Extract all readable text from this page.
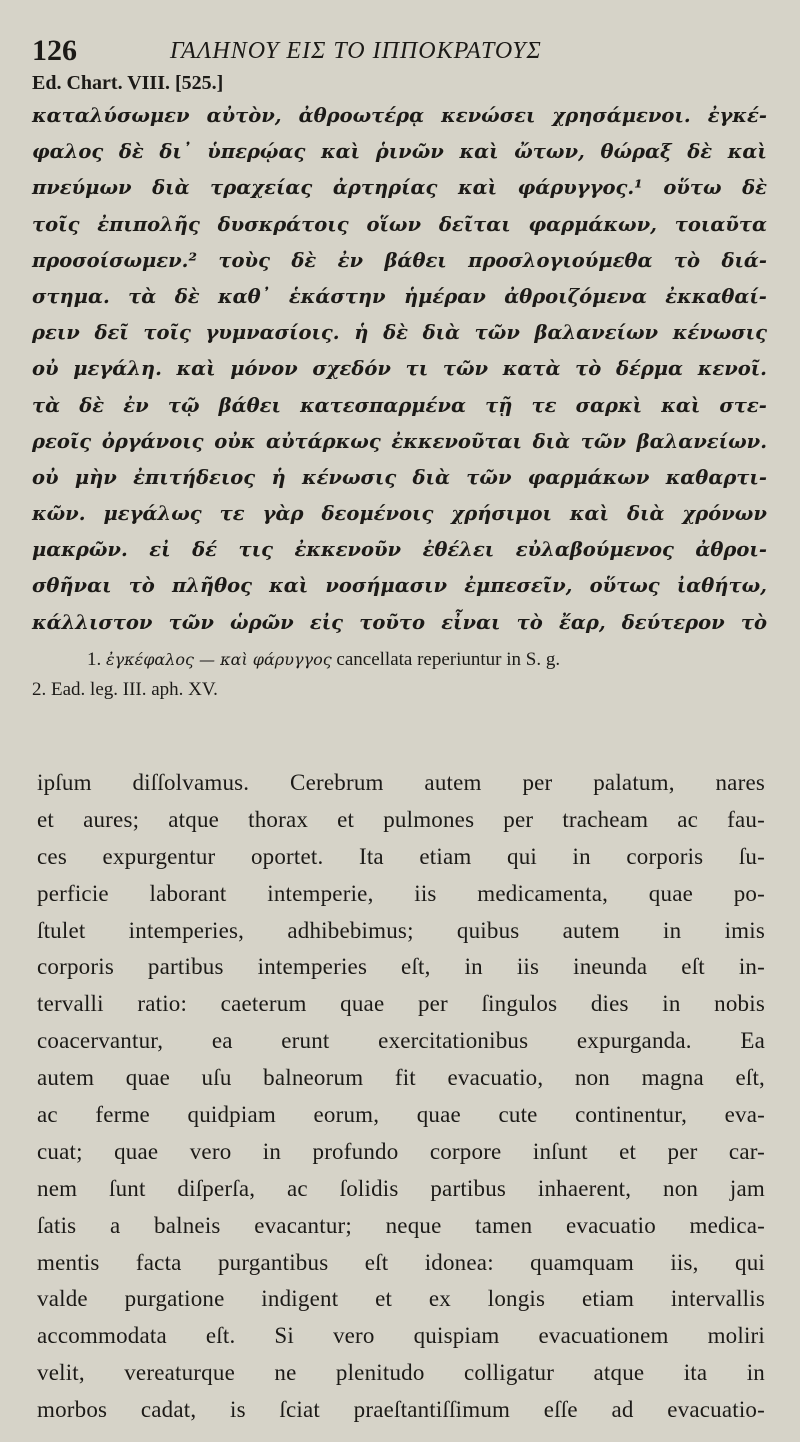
126	ΓΑΛΗΝΟΥ ΕΙΣ ΤΟ ΙΠΠΟΚΡΑΤΟΥΣ
Ed. Chart. VIII. [525.]
καταλύσωμεν αὐτὸν, ἀθροωτέρᾳ κενώσει χρησάμενοι. ἐγκέ-
φαλος δὲ δι᾽ ὑπερῴας καὶ ῥινῶν καὶ ὤτων, θώραξ δὲ καὶ
πνεύμων διὰ τραχείας ἀρτηρίας καὶ φάρυγγος.¹ οὕτω δὲ
τοῖς ἐπιπολῆς δυσκράτοις οἵων δεῖται φαρμάκων, τοιαῦτα
προσοίσωμεν.² τοὺς δὲ ἐν βάθει προσλογιούμεθα τὸ διά-
στημα. τὰ δὲ καθ᾽ ἑκάστην ἡμέραν ἀθροιζόμενα ἐκκαθαί-
ρειν δεῖ τοῖς γυμνασίοις. ἡ δὲ διὰ τῶν βαλανείων κένωσις
οὐ μεγάλη. καὶ μόνον σχεδόν τι τῶν κατὰ τὸ δέρμα κενοῖ.
τὰ δὲ ἐν τῷ βάθει κατεσπαρμένα τῇ τε σαρκὶ καὶ στε-
ρεοῖς ὀργάνοις οὐκ αὐτάρκως ἐκκενοῦται διὰ τῶν βαλανείων.
οὐ μὴν ἐπιτήδειος ἡ κένωσις διὰ τῶν φαρμάκων καθαρτι-
κῶν. μεγάλως τε γὰρ δεομένοις χρήσιμοι καὶ διὰ χρόνων
μακρῶν. εἰ δέ τις ἐκκενοῦν ἐθέλει εὐλαβούμενος ἀθροι-
σθῆναι τὸ πλῆθος καὶ νοσήμασιν ἐμπεσεῖν, οὕτως ἰαθήτω,
κάλλιστον τῶν ὡρῶν εἰς τοῦτο εἶναι τὸ ἔαρ, δεύτερον τὸ
1. ἐγκέφαλος — καὶ φάρυγγος cancellata reperiuntur in S. g.
2. Ead. leg. III. aph. XV.
ipſum diſſolvamus. Cerebrum autem per palatum, nares
et aures; atque thorax et pulmones per tracheam ac fau-
ces expurgentur oportet. Ita etiam qui in corporis ſu-
perficie laborant intemperie, iis medicamenta, quae po-
ſtulet intemperies, adhibebimus; quibus autem in imis
corporis partibus intemperies eſt, in iis ineunda eſt in-
tervalli ratio: caeterum quae per ſingulos dies in nobis
coacervantur, ea erunt exercitationibus expurganda. Ea
autem quae uſu balneorum fit evacuatio, non magna eſt,
ac ferme quidpiam eorum, quae cute continentur, eva-
cuat; quae vero in profundo corpore inſunt et per car-
nem ſunt diſperſa, ac ſolidis partibus inhaerent, non jam
ſatis a balneis evacantur; neque tamen evacuatio medica-
mentis facta purgantibus eſt idonea: quamquam iis, qui
valde purgatione indigent et ex longis etiam intervallis
accommodata eſt. Si vero quispiam evacuationem moliri
velit, vereaturque ne plenitudo colligatur atque ita in
morbos cadat, is ſciat praeſtantiſſimum eſſe ad evacuatio-
